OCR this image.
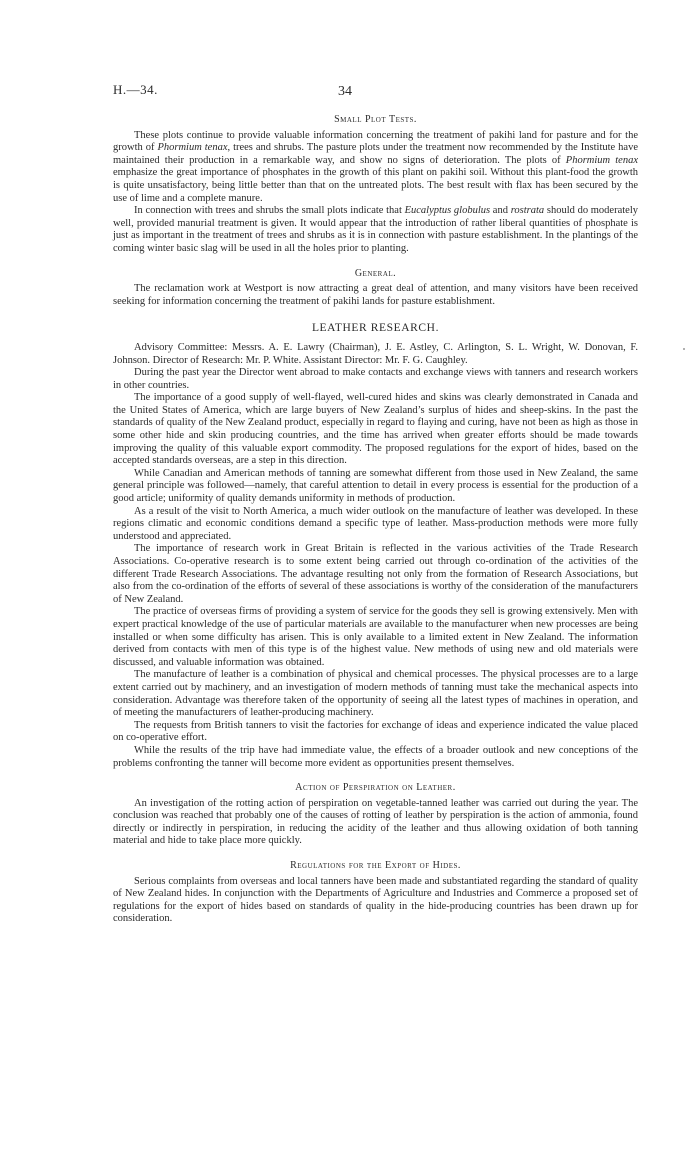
H.—34.	34
Small Plot Tests.

These plots continue to provide valuable information concerning the treatment of pakihi land for pasture and for the growth of Phormium tenax, trees and shrubs. The pasture plots under the treatment now recommended by the Institute have maintained their production in a remarkable way, and show no signs of deterioration. The plots of Phormium tenax emphasize the great importance of phosphates in the growth of this plant on pakihi soil. Without this plant-food the growth is quite unsatisfactory, being little better than that on the untreated plots. The best result with flax has been secured by the use of lime and a complete manure.

In connection with trees and shrubs the small plots indicate that Eucalyptus globulus and rostrata should do moderately well, provided manurial treatment is given. It would appear that the introduction of rather liberal quantities of phosphate is just as important in the treatment of trees and shrubs as it is in connection with pasture establishment. In the plantings of the coming winter basic slag will be used in all the holes prior to planting.

General.

The reclamation work at Westport is now attracting a great deal of attention, and many visitors have been received seeking for information concerning the treatment of pakihi lands for pasture establishment.

LEATHER RESEARCH.

Advisory Committee: Messrs. A. E. Lawry (Chairman), J. E. Astley, C. Arlington, S. L. Wright, W. Donovan, F. Johnson. Director of Research: Mr. P. White. Assistant Director: Mr. F. G. Caughley.

During the past year the Director went abroad to make contacts and exchange views with tanners and research workers in other countries.

The importance of a good supply of well-flayed, well-cured hides and skins was clearly demonstrated in Canada and the United States of America, which are large buyers of New Zealand’s surplus of hides and sheep-skins. In the past the standards of quality of the New Zealand product, especially in regard to flaying and curing, have not been as high as those in some other hide and skin producing countries, and the time has arrived when greater efforts should be made towards improving the quality of this valuable export commodity. The proposed regulations for the export of hides, based on the accepted standards overseas, are a step in this direction.

While Canadian and American methods of tanning are somewhat different from those used in New Zealand, the same general principle was followed—namely, that careful attention to detail in every process is essential for the production of a good article; uniformity of quality demands uniformity in methods of production.

As a result of the visit to North America, a much wider outlook on the manufacture of leather was developed. In these regions climatic and economic conditions demand a specific type of leather. Mass-production methods were more fully understood and appreciated.

The importance of research work in Great Britain is reflected in the various activities of the Trade Research Associations. Co-operative research is to some extent being carried out through co-ordination of the activities of the different Trade Research Associations. The advantage resulting not only from the formation of Research Associations, but also from the co-ordination of the efforts of several of these associations is worthy of the consideration of the manufacturers of New Zealand.

The practice of overseas firms of providing a system of service for the goods they sell is growing extensively. Men with expert practical knowledge of the use of particular materials are available to the manufacturer when new processes are being installed or when some difficulty has arisen. This is only available to a limited extent in New Zealand. The information derived from contacts with men of this type is of the highest value. New methods of using new and old materials were discussed, and valuable information was obtained.

The manufacture of leather is a combination of physical and chemical processes. The physical processes are to a large extent carried out by machinery, and an investigation of modern methods of tanning must take the mechanical aspects into consideration. Advantage was therefore taken of the opportunity of seeing all the latest types of machines in operation, and of meeting the manufacturers of leather-producing machinery.

The requests from British tanners to visit the factories for exchange of ideas and experience indicated the value placed on co-operative effort.

While the results of the trip have had immediate value, the effects of a broader outlook and new conceptions of the problems confronting the tanner will become more evident as opportunities present themselves.

Action of Perspiration on Leather.

An investigation of the rotting action of perspiration on vegetable-tanned leather was carried out during the year. The conclusion was reached that probably one of the causes of rotting of leather by perspiration is the action of ammonia, found directly or indirectly in perspiration, in reducing the acidity of the leather and thus allowing oxidation of both tanning material and hide to take place more quickly.

Regulations for the Export of Hides.

Serious complaints from overseas and local tanners have been made and substantiated regarding the standard of quality of New Zealand hides. In conjunction with the Departments of Agriculture and Industries and Commerce a proposed set of regulations for the export of hides based on standards of quality in the hide-producing countries has been drawn up for consideration.
